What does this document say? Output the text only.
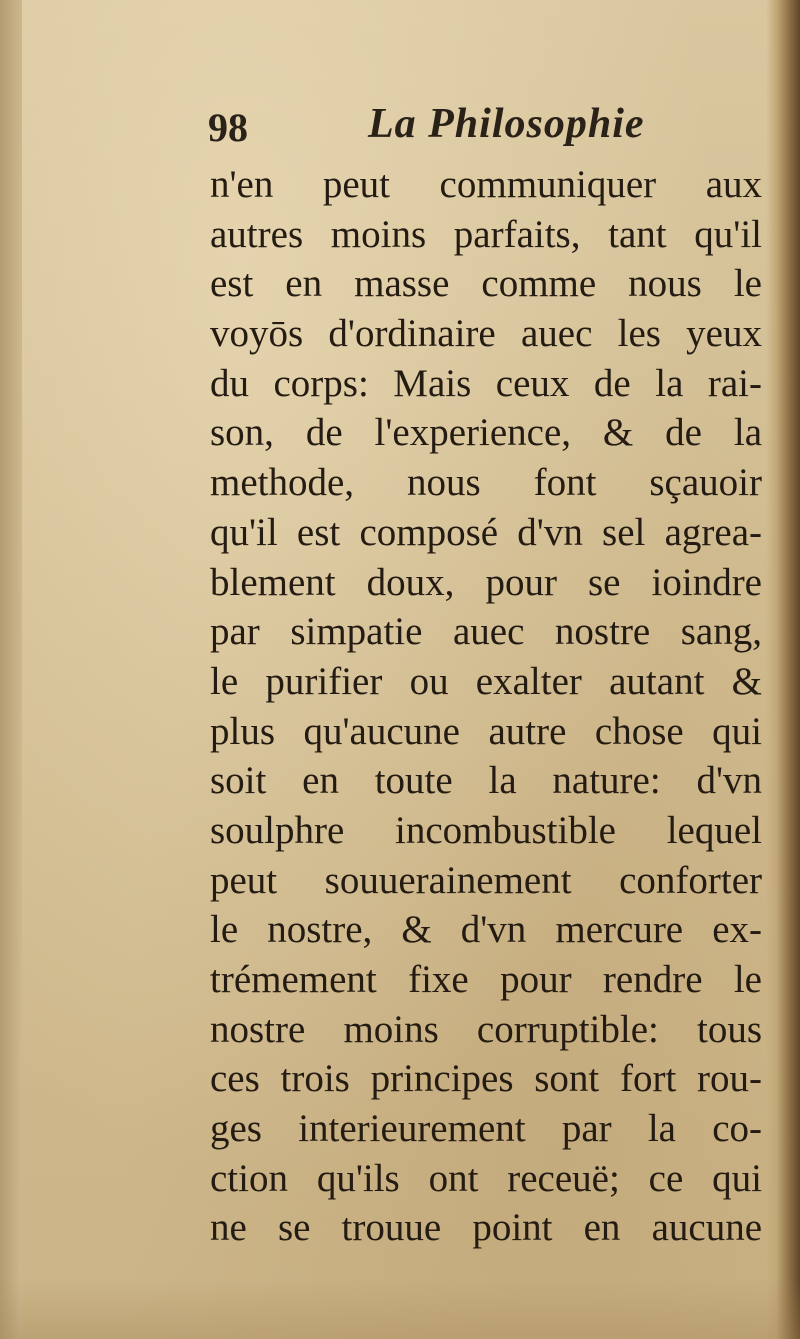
98	La Philosophie
n'en peut communiquer aux
autres moins parfaits, tant qu'il
est en masse comme nous le
voyōs d'ordinaire auec les yeux
du corps: Mais ceux de la rai-
son, de l'experience, & de la
methode, nous font sçauoir
qu'il est composé d'vn sel agrea-
blement doux, pour se ioindre
par simpatie auec nostre sang,
le purifier ou exalter autant &
plus qu'aucune autre chose qui
soit en toute la nature: d'vn
soulphre incombustible lequel
peut souuerainement conforter
le nostre, & d'vn mercure ex-
trémement fixe pour rendre le
nostre moins corruptible: tous
ces trois principes sont fort rou-
ges interieurement par la co-
ction qu'ils ont receuë; ce qui
ne se trouue point en aucune
